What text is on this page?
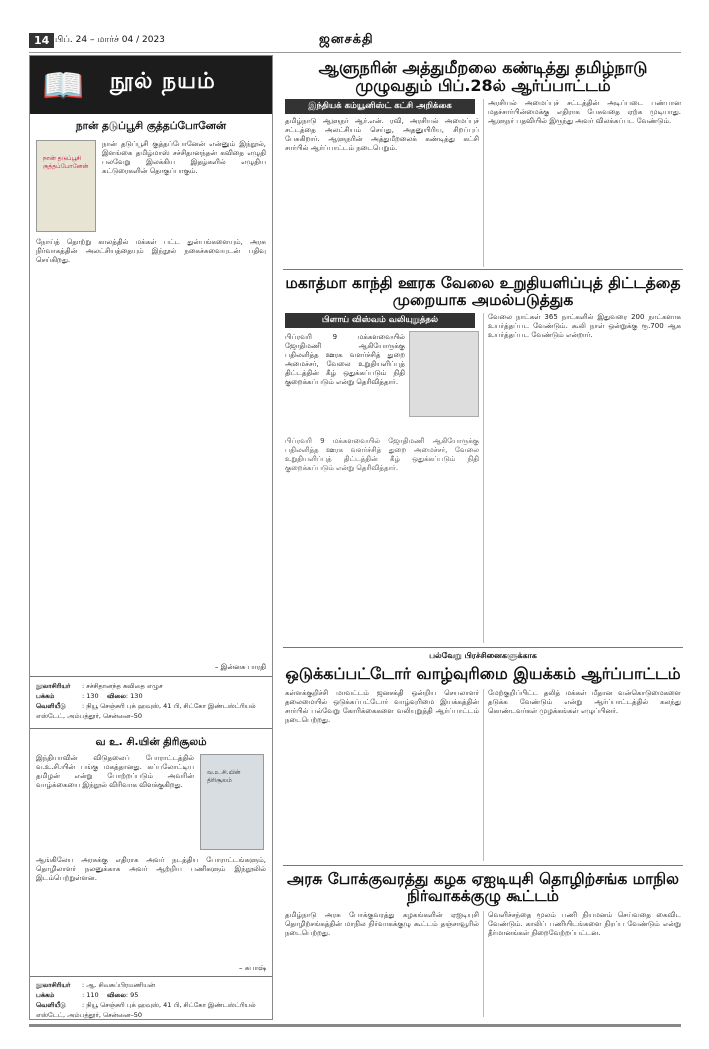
14 பிப். 24 – மார்ச் 04 / 2023	ஜனசக்தி
📖 நூல் நயம்
நான் தடுப்பூசி குத்தப்போனேன்
நான் தடுப்பூசி குத்தப்போனேன்
நான் தடுப்பூசி குத்தப்போனேன் என்னும் இந்நூல், இளங்கை தமிழ்மாஸ் சச்சிதானந்தன் கவிதை எழுதி பலவேறு இலக்கிய இதழ்களில் எழுதிய கட்டுரைகளின் தொகுப்பாகும்.
நோய்த் தொற்று காலத்தில் மக்கள் பட்ட துன்பங்களையும், அரசு நிர்வாகத்தின் அலட்சியத்தையும் இந்நூல் நகைச்சுவையுடன் பதிவு செய்கிறது.
– இன்னசு பாரதி
நூலாசிரியர் : சச்சிதானந்த கவிதை எழுச
பக்கம்	: 130 விலை: 130
வெளியீடு : நியூ செஞ்சுரி புக் ஹவுஸ், 41 பி, சிட்கோ இண்டஸ்ட்ரியல் எஸ்டேட், அம்பத்தூர், சென்னை–50
வ உ. சி.யின் திரிசூலம்
இந்தியாவின் விடுதலைப் போராட்டத்தில் வ.உ.சி.யின் பங்கு மகத்தானது. கப்பலோட்டிய தமிழன் என்று போற்றப்படும் அவரின் வாழ்க்கையை இந்நூல் விரிவாக விளக்குகிறது.
வ.உ.சி.யின் திரிசூலம்
ஆங்கிலேய அரசுக்கு எதிராக அவர் நடத்திய போராட்டங்களும், தொழிலாளர் நலனுக்காக அவர் ஆற்றிய பணிகளும் இந்நூலில் இடம்பெற்றுள்ளன.
– சுபாஷ்
நூலாசிரியர் : ஆ. சிவசுப்பிரமணியன்
பக்கம்	: 110 விலை: 95
வெளியீடு : நியூ செஞ்சுரி புக் ஹவுஸ், 41 பி, சிட்கோ இண்டஸ்ட்ரியல் எஸ்டேட், அம்பத்தூர், சென்னை–50
ஆளுநரின் அத்துமீறலை கண்டித்து தமிழ்நாடு முழுவதும் பிப்.28ல் ஆர்ப்பாட்டம்
இந்தியக் கம்யூனிஸ்ட் கட்சி அறிக்கை
தமிழ்நாடு ஆளுநர் ஆர்.என். ரவி, அரசியல் அமைப்புச் சட்டத்தை அலட்சியம் செய்து, அதனுயிரிய, சிறப்புப் பேசுகிறார். ஆளுநரின் அத்துமீறலைக் கண்டித்து கட்சி சார்பில் ஆர்ப்பாட்டம் நடைபெறும்.
அரசியல் அமைப்புச் சட்டத்தின் அடிப்படை பண்பான மதச்சார்பின்மைக்கு எதிராக பேசுவதை ஏற்க முடியாது. ஆளுநர் பதவியில் இருந்து அவர் விலக்கப்பட வேண்டும்.
மகாத்மா காந்தி ஊரக வேலை உறுதியளிப்புத் திட்டத்தை முறையாக அமல்படுத்துக
பிளாய் விஸ்வம் வலியுறுத்தல்
பிப்ரவரி 9 மக்களவையில் ஜோதிமணி ஆகியோருக்கு பதிலளித்த ஊரக வளர்ச்சித் துறை அமைச்சர், வேலை உறுதியளிப்புத் திட்டத்தின் கீழ் ஒதுக்கப்படும் நிதி குறைக்கப்படும் என்று தெரிவித்தார்.
பிப்ரவரி 9 மக்களவையில் ஜோதிமணி ஆகியோருக்கு பதிலளித்த ஊரக வளர்ச்சித் துறை அமைச்சர், வேலை உறுதியளிப்புத் திட்டத்தின் கீழ் ஒதுக்கப்படும் நிதி குறைக்கப்படும் என்று தெரிவித்தார்.
வேலை நாட்கள் 365 நாட்களில் இதுவரை 200 நாட்களாக உயர்த்தப்பட வேண்டும். கூலி நாள் ஒன்றுக்கு ரூ.700 ஆக உயர்த்தப்பட வேண்டும் என்றார்.
பல்வேறு பிரச்சினைகளுக்காக
ஒடுக்கப்பட்டோர் வாழ்வுரிமை இயக்கம் ஆர்ப்பாட்டம்
கள்ளக்குறிச்சி மாவட்டம் ஜனசக்தி ஒன்றிய செயலாளர் தலைமையில் ஒடுக்கப்பட்டோர் வாழ்வுரிமை இயக்கத்தின் சார்பில் பல்வேறு கோரிக்கைகளை வலியுறுத்தி ஆர்ப்பாட்டம் நடைபெற்றது.
மேற்குறிப்பிட்ட தலித் மக்கள் மீதான வன்கொடுமைகளை தடுக்க வேண்டும் என்று ஆர்ப்பாட்டத்தில் கலந்து கொண்டவர்கள் முழக்கங்கள் எழுப்பினர்.
அரசு போக்குவரத்து கழக ஏஐடியுசி தொழிற்சங்க மாநில நிர்வாகக்குழு கூட்டம்
தமிழ்நாடு அரசு போக்குவரத்து கழகங்களின் ஏஐடியுசி தொழிற்சங்கத்தின் மாநில நிர்வாகக்குழு கூட்டம் தஞ்சாவூரில் நடைபெற்றது.
வெளிச்சந்தை மூலம் பணி நியமனம் செய்வதை கைவிட வேண்டும். காலிப் பணியிடங்களை நிரப்ப வேண்டும் என்று தீர்மானங்கள் நிறைவேற்றப்பட்டன.
